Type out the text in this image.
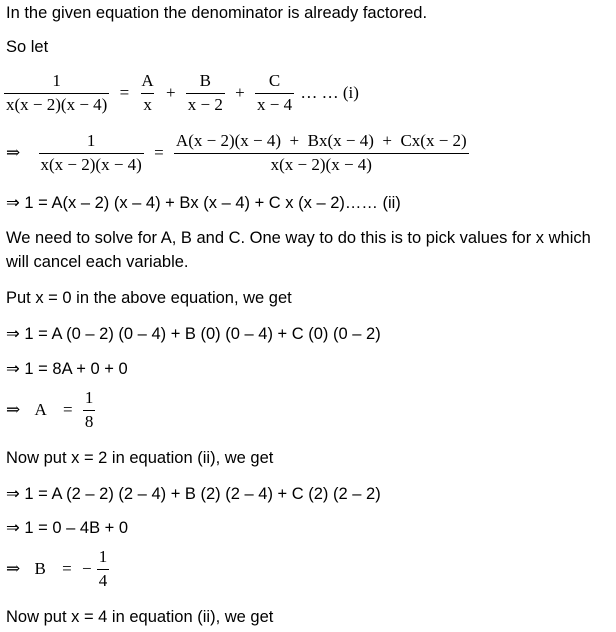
In the given equation the denominator is already factored.
So let
$\frac{1}{x(x - 2)(x - 4)} = \frac{A}{x} + \frac{B}{x - 2} + \frac{C}{x - 4}$ … … (i)
⇒ $\frac{1}{x(x - 2)(x - 4)} = \frac{A(x - 2)(x - 4) + Bx(x - 4) + Cx(x - 2)}{x(x - 2)(x - 4)}$
⇒ 1 = A(x – 2) (x – 4) + Bx (x – 4) + C x (x – 2)…… (ii)
We need to solve for A, B and C. One way to do this is to pick values for x which
will cancel each variable.
Put x = 0 in the above equation, we get
⇒ 1 = A (0 – 2) (0 – 4) + B (0) (0 – 4) + C (0) (0 – 2)
⇒ 1 = 8A + 0 + 0
⇒ $A = \frac{1}{8}$
Now put x = 2 in equation (ii), we get
⇒ 1 = A (2 – 2) (2 – 4) + B (2) (2 – 4) + C (2) (2 – 2)
⇒ 1 = 0 – 4B + 0
⇒ B = − $\frac{1}{4}$
Now put x = 4 in equation (ii), we get
